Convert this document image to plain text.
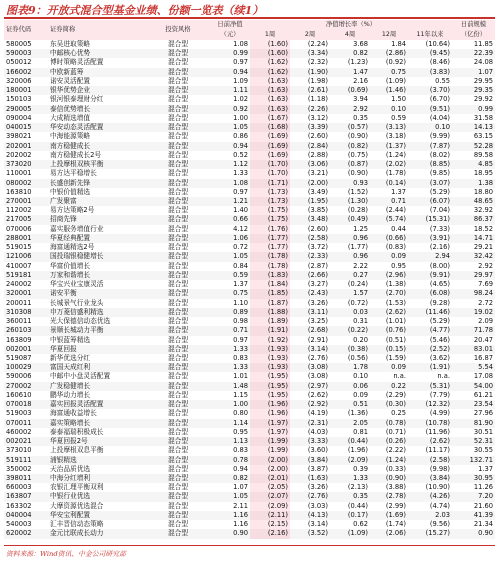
图表9：开放式混合型基金业绩、份额一览表（续1）
证券代码	证券简称	投资风格	日前净值	净值增长率（%）					日前规模
			（元）	1周	2周	4周	12周	11年以来	（亿份）
580005	东吴进取策略	混合型	1.08	(1.60)	(2.24)	3.68	1.84	(10.64)	11.85
590003	中邮核心优势	混合型	0.99	(1.60)	(3.34)	0.82	(2.86)	(9.45)	22.39
050012	博时策略灵活配置	混合型	0.97	(1.62)	(2.32)	(1.23)	(0.92)	(8.46)	24.08
166002	中欧新蓝筹	混合型	0.94	(1.62)	(1.90)	1.47	0.75	(3.83)	1.07
320006	诺安灵活配置	混合型	1.09	(1.63)	(1.98)	2.16	(1.09)	0.55	29.95
180001	银华优势企业	混合型	1.11	(1.63)	(2.61)	(0.69)	(1.46)	(3.70)	29.35
150103	银河银泰理财分红	混合型	1.02	(1.63)	(1.18)	3.94	1.50	(6.70)	29.92
290005	泰信优势增长	混合型	0.92	(1.63)	(2.26)	2.92	0.10	(9.51)	0.99
090004	大成精选增值	混合型	1.00	(1.67)	(3.12)	0.35	0.59	(4.04)	31.58
040015	华安动态灵活配置	混合型	1.05	(1.68)	(3.39)	(0.57)	(3.13)	0.10	14.13
398021	中海能源策略	混合型	0.86	(1.69)	(2.60)	(0.90)	(3.18)	(9.99)	63.15
202001	南方稳健成长	混合型	0.94	(1.69)	(2.84)	(0.82)	(1.37)	(7.87)	52.28
202002	南方稳健成长2号	混合型	0.52	(1.69)	(2.88)	(0.75)	(1.24)	(8.02)	89.58
373020	上投摩根双核平衡	混合型	1.12	(1.70)	(3.06)	(0.87)	(2.02)	(8.85)	4.85
110001	易方达平稳增长	混合型	1.33	(1.70)	(3.21)	(0.90)	(1.78)	(9.85)	18.95
080002	长盛创新先锋	混合型	1.08	(1.71)	(2.00)	0.93	(0.14)	(3.07)	1.38
163810	中银价值精选	混合型	0.97	(1.73)	(3.49)	(1.52)	1.37	(5.29)	18.80
270001	广发聚富	混合型	1.21	(1.73)	(1.95)	(1.30)	0.71	(6.07)	48.65
112002	易方达策略2号	混合型	1.40	(1.75)	(3.85)	(0.28)	(2.44)	(7.04)	32.92
217005	招商先锋	混合型	0.66	(1.75)	(3.48)	(0.49)	(5.74)	(15.31)	86.37
070006	嘉实服务增值行业	混合型	4.12	(1.76)	(2.60)	1.25	0.44	(7.33)	18.52
288001	华夏经典配置	混合型	1.06	(1.77)	(2.58)	0.96	(0.66)	(3.91)	14.71
519015	海富通精选2号	混合型	0.72	(1.77)	(3.72)	(1.77)	(0.83)	(2.16)	29.21
121006	国投瑞银稳健增长	混合型	1.05	(1.78)	(2.33)	0.96	0.09	2.94	32.42
410007	华富价值增长	混合型	0.84	(1.78)	(2.87)	2.22	0.95	(8.00)	2.92
519181	万家和谐增长	混合型	0.59	(1.83)	(2.66)	0.27	(2.96)	(9.91)	29.97
240002	华宝兴业宝康灵活	混合型	1.37	(1.84)	(3.27)	(0.24)	(1.38)	(4.65)	7.69
320001	诺安平衡	混合型	0.75	(1.85)	(2.43)	1.57	(2.70)	(6.08)	98.24
200011	长城景气行业龙头	混合型	1.10	(1.87)	(3.26)	(0.72)	(1.53)	(9.28)	2.72
310308	申万菱信盛利精选	混合型	0.89	(1.88)	(3.11)	0.03	(2.62)	(11.46)	19.02
360011	光大保德信动态优选	混合型	0.98	(1.89)	(3.25)	0.31	(1.01)	(5.29)	2.09
260103	景顺长城动力平衡	混合型	0.71	(1.91)	(2.68)	(0.22)	(0.76)	(4.77)	71.78
163809	中银蓝筹精选	混合型	0.97	(1.92)	(2.91)	0.20	(0.51)	(5.46)	20.47
002001	华夏回报	混合型	1.33	(1.93)	(3.14)	(0.38)	(0.15)	(2.52)	83.01
519087	新华优选分红	混合型	0.83	(1.93)	(2.76)	(0.56)	(1.59)	(3.62)	16.87
100029	富国天成红利	混合型	1.33	(1.93)	(3.08)	1.78	0.09	(1.91)	5.54
590006	中邮中小盘灵活配置	混合型	1.01	(1.95)	(3.08)	0.10	n.a.	n.a.	17.08
270002	广发稳健增长	混合型	1.48	(1.95)	(2.97)	0.06	0.22	(5.31)	54.00
160610	鹏华动力增长	混合型	1.15	(1.95)	(2.62)	0.09	(2.29)	(7.79)	61.21
070018	嘉实回报灵活配置	混合型	1.00	(1.96)	(2.92)	0.51	(0.30)	(12.32)	23.54
519003	海富通收益增长	混合型	0.80	(1.96)	(4.19)	(1.36)	0.25	(4.99)	27.96
070011	嘉实策略增长	混合型	1.14	(1.97)	(2.31)	2.05	(0.78)	(10.78)	81.90
460002	泰泰福瑞积极成长	混合型	0.95	(1.97)	(4.03)	0.81	(0.71)	(11.96)	30.51
002021	华夏回报2号	混合型	1.13	(1.99)	(3.33)	(0.44)	(0.26)	(2.62)	52.31
373010	上投摩根双息平衡	混合型	0.83	(1.99)	(3.60)	(1.96)	(2.22)	(11.17)	30.55
519111	浦银精选	混合型	0.78	(2.00)	(3.84)	(2.09)	(1.24)	(2.58)	132.71
350002	天治品质优选	混合型	0.94	(2.00)	(3.87)	0.39	(0.33)	(9.98)	1.37
398011	中海分红增利	混合型	0.82	(2.01)	(1.63)	1.33	(0.90)	(3.84)	30.95
660003	农银汇理平衡双利	混合型	1.07	(2.05)	(3.26)	(2.13)	(3.88)	(10.90)	11.26
163807	中银行业优选	混合型	1.05	(2.07)	(2.76)	0.35	(2.78)	(4.26)	7.20
163302	大摩资源优选混合	混合型	2.11	(2.09)	(3.03)	(0.44)	(2.99)	(4.74)	21.60
040004	华安宝利配置	混合型	1.16	(2.11)	(4.13)	(0.17)	(1.69)	2.03	41.39
540003	汇丰晋信动态策略	混合型	1.16	(2.15)	(3.14)	0.62	(1.74)	(9.56)	21.34
620002	金元比联成长动力	混合型	0.90	(2.16)	(3.52)	(1.09)	(2.06)	(15.27)	0.90
资料来源：Wind资讯、中金公司研究部
